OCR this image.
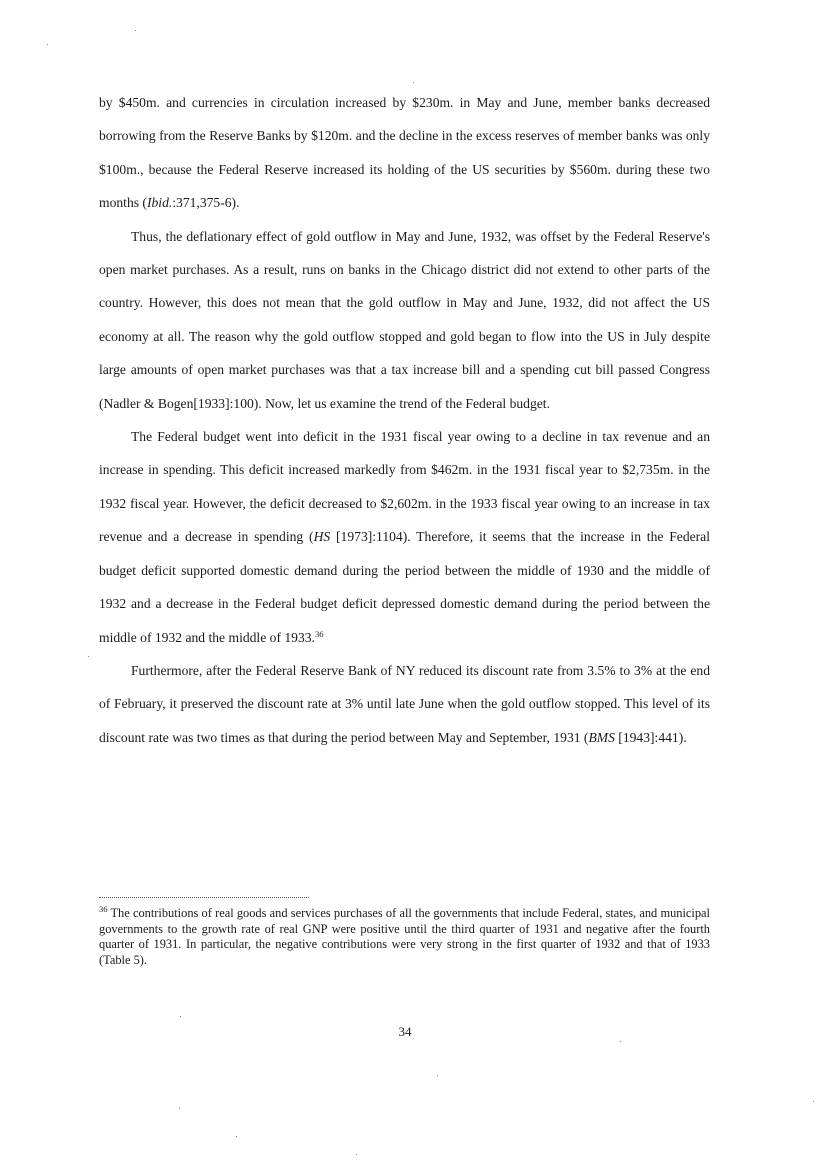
by $450m. and currencies in circulation increased by $230m. in May and June, member banks decreased borrowing from the Reserve Banks by $120m. and the decline in the excess reserves of member banks was only $100m., because the Federal Reserve increased its holding of the US securities by $560m. during these two months (Ibid.:371,375-6).

Thus, the deflationary effect of gold outflow in May and June, 1932, was offset by the Federal Reserve's open market purchases. As a result, runs on banks in the Chicago district did not extend to other parts of the country. However, this does not mean that the gold outflow in May and June, 1932, did not affect the US economy at all. The reason why the gold outflow stopped and gold began to flow into the US in July despite large amounts of open market purchases was that a tax increase bill and a spending cut bill passed Congress (Nadler & Bogen[1933]:100). Now, let us examine the trend of the Federal budget.

The Federal budget went into deficit in the 1931 fiscal year owing to a decline in tax revenue and an increase in spending. This deficit increased markedly from $462m. in the 1931 fiscal year to $2,735m. in the 1932 fiscal year. However, the deficit decreased to $2,602m. in the 1933 fiscal year owing to an increase in tax revenue and a decrease in spending (HS [1973]:1104). Therefore, it seems that the increase in the Federal budget deficit supported domestic demand during the period between the middle of 1930 and the middle of 1932 and a decrease in the Federal budget deficit depressed domestic demand during the period between the middle of 1932 and the middle of 1933.36

Furthermore, after the Federal Reserve Bank of NY reduced its discount rate from 3.5% to 3% at the end of February, it preserved the discount rate at 3% until late June when the gold outflow stopped. This level of its discount rate was two times as that during the period between May and September, 1931 (BMS [1943]:441).

$^{36}$ The contributions of real goods and services purchases of all the governments that include Federal, states, and municipal governments to the growth rate of real GNP were positive until the third quarter of 1931 and negative after the fourth quarter of 1931. In particular, the negative contributions were very strong in the first quarter of 1932 and that of 1933 (Table 5).

34
